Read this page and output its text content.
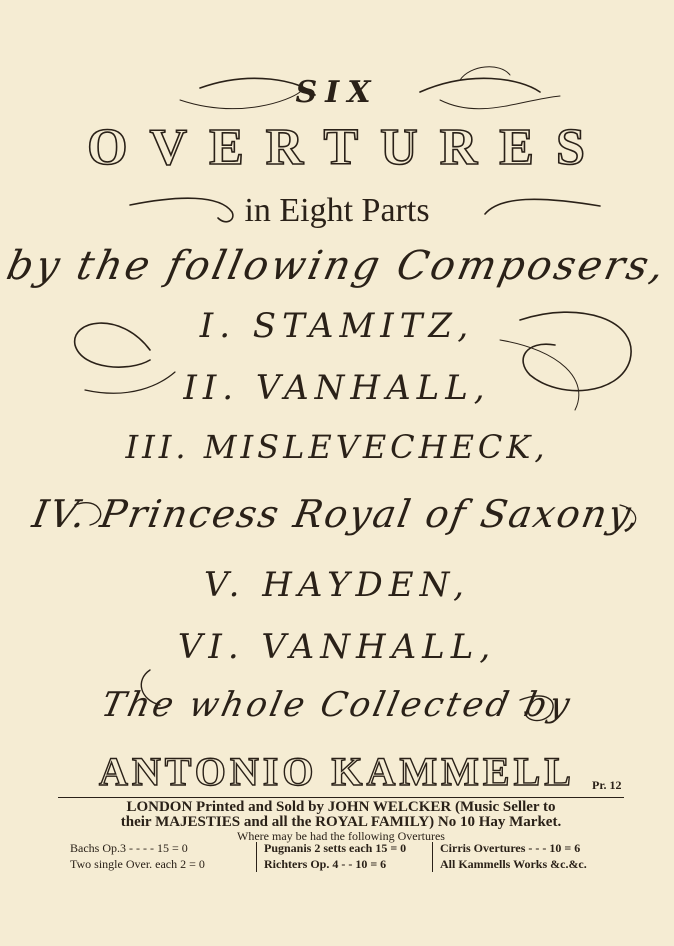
SIX
OVERTURES
in Eight Parts
by the following Composers,
I. STAMITZ,
II. VANHALL,
III. MISLEVECHECK,
IV. Princess Royal of Saxony,
V. HAYDEN,
VI. VANHALL,
The whole Collected by
ANTONIO KAMMELL	Pr. 12
LONDON Printed and Sold by JOHN WELCKER (Music Seller to
their MAJESTIES and all the ROYAL FAMILY) No 10 Hay Market.
Where may be had the following Overtures
Bachs Op.3 - - - - 15 = 0
Two single Over. each 2 = 0
Pugnanis 2 setts each 15 = 0
Richters Op. 4 - - 10 = 6
Cirris Overtures - - - 10 = 6
All Kammells Works &c.&c.
